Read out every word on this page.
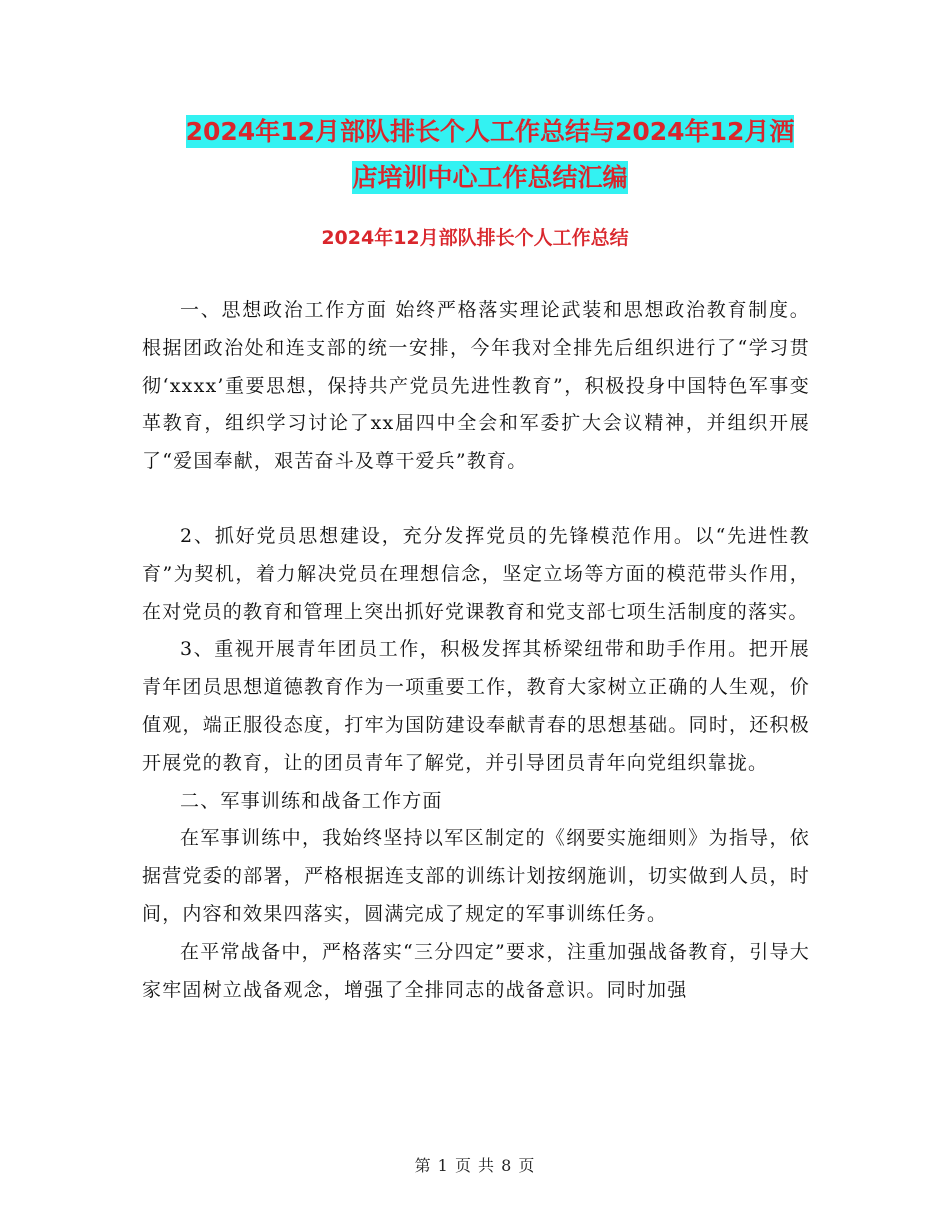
2024年12月部队排长个人工作总结与2024年12月酒
店培训中心工作总结汇编
2024年12月部队排长个人工作总结

一、思想政治工作方面 始终严格落实理论武装和思想政治教育制度。根据团政治处和连支部的统一安排，今年我对全排先后组织进行了“学习贯彻‘xxxx’重要思想，保持共产党员先进性教育”，积极投身中国特色军事变革教育，组织学习讨论了xx届四中全会和军委扩大会议精神，并组织开展了“爱国奉献，艰苦奋斗及尊干爱兵”教育。

2、抓好党员思想建设，充分发挥党员的先锋模范作用。以“先进性教育”为契机，着力解决党员在理想信念，坚定立场等方面的模范带头作用，在对党员的教育和管理上突出抓好党课教育和党支部七项生活制度的落实。

3、重视开展青年团员工作，积极发挥其桥梁纽带和助手作用。把开展青年团员思想道德教育作为一项重要工作，教育大家树立正确的人生观，价值观，端正服役态度，打牢为国防建设奉献青春的思想基础。同时，还积极开展党的教育，让的团员青年了解党，并引导团员青年向党组织靠拢。

二、军事训练和战备工作方面

在军事训练中，我始终坚持以军区制定的《纲要实施细则》为指导，依据营党委的部署，严格根据连支部的训练计划按纲施训，切实做到人员，时间，内容和效果四落实，圆满完成了规定的军事训练任务。

在平常战备中，严格落实“三分四定”要求，注重加强战备教育，引导大家牢固树立战备观念，增强了全排同志的战备意识。同时加强

第 1 页 共 8 页
